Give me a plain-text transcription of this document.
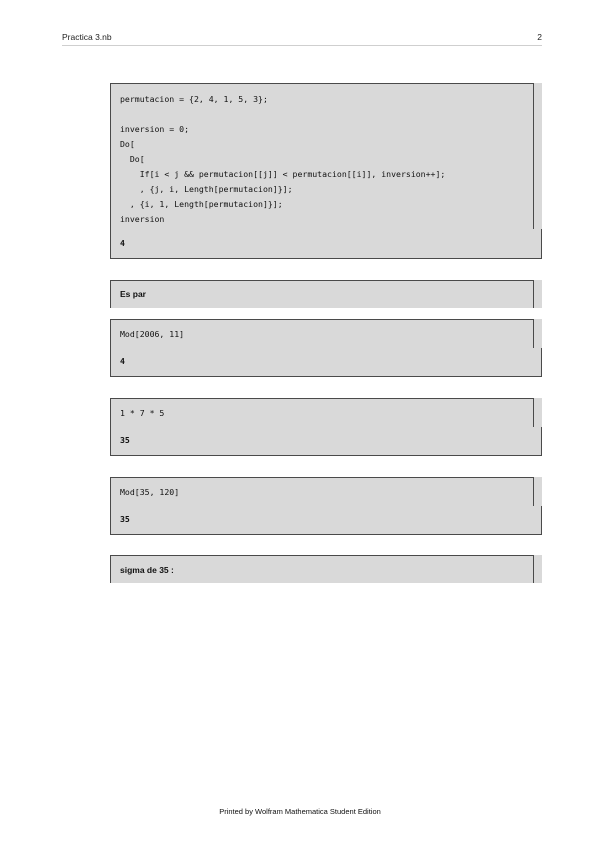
Practica 3.nb	2
permutacion = {2, 4, 1, 5, 3};

inversion = 0;
Do[
Do[
If[i < j && permutacion[[j]] < permutacion[[i]], inversion++];
, {j, i, Length[permutacion]}];
, {i, 1, Length[permutacion]}];
inversion
4
Es par
Mod[2006, 11]
4
1 * 7 * 5
35
Mod[35, 120]
35
sigma de 35 :
Printed by Wolfram Mathematica Student Edition
